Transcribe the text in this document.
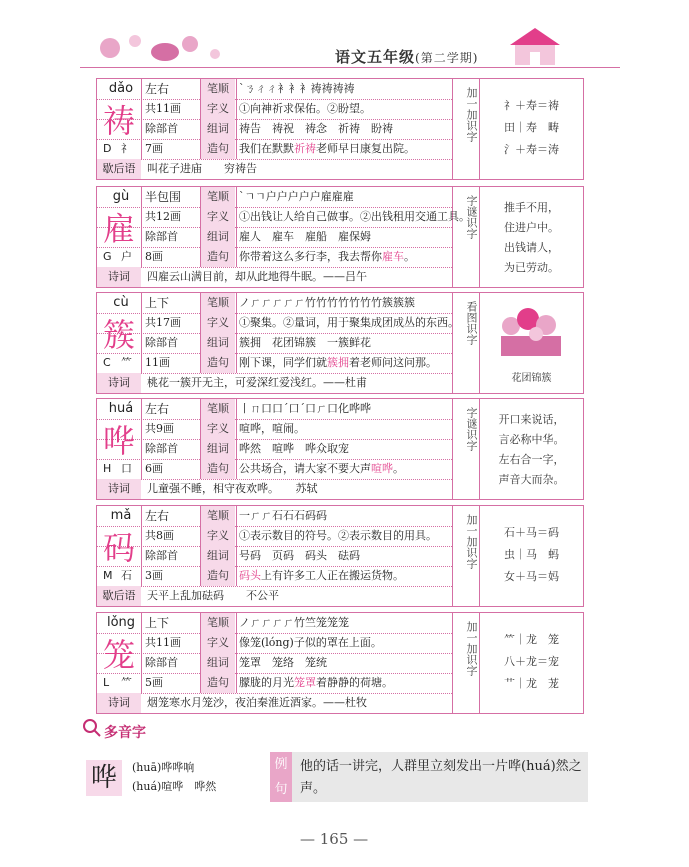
语文五年级(第二学期)
dǎo 左右	笔顺 `ㄋㄔㄔ衤衤衤祷祷祷祷
共11画	字义 ①向神祈求保佑。②盼望。
除部首	组词 祷告　祷祝　祷念　祈祷　盼祷
D 礻 7画	造句 我们在默默祈祷老师早日康复出院。
歇后语	叫花子进庙　　穷祷告
祷	加一加识字	礻＋寿＝祷
田｜寿　畴
氵＋寿＝涛
gù	半包围	笔顺 `ㄱㄱ户户户户户雇雇雇
共12画	字义 ①出钱让人给自己做事。②出钱租用交通工具。
除部首	组词 雇人　雇车　雇船　雇保姆
G 户 8画	造句 你带着这么多行李，我去帮你雇车。
诗词	四雇云山满目前，却从此地得牛眠。——吕午
雇	字谜识字	推手不用，
住进户中。
出钱请人，
为已劳动。
cù	上下	笔顺 ノㄏㄏㄏㄏㄏ竹竹竹竹竹竹竹簇簇簇
共17画	字义 ①聚集。②量词，用于聚集成团成丛的东西。
除部首	组词 簇拥　花团锦簇　一簇鲜花
C ⺮ 11画	造句 刚下课，同学们就簇拥着老师问这问那。
诗词	桃花一簇开无主，可爱深红爱浅红。——杜甫
簇	看图识字
花团锦簇
huá 左右	笔顺 丨ㄇ口口ˊ口ˊ口ㄏ口化哗哗
共9画	字义 喧哗，喧闹。
除部首	组词 哗然　喧哗　哗众取宠
H 口 6画	造句 公共场合，请大家不要大声喧哗。
诗词	儿童强不睡，相守夜欢哗。　　苏轼
哗	字谜识字	开口来说话，
言必称中华。
左右合一字，
声音大而杂。
mǎ	左右	笔顺 一ㄏㄏ石石石码码
共8画	字义 ①表示数目的符号。②表示数目的用具。
除部首	组词 号码　页码　码头　砝码
M 石 3画	造句 码头上有许多工人正在搬运货物。
歇后语	天平上乱加砝码　　不公平
码	加一加识字	石＋马＝码
虫｜马　蚂
女＋马＝妈
lǒng 上下	笔顺 ノㄏㄏㄏㄏ竹竺笼笼笼
共11画	字义 像笼(lóng)子似的罩在上面。
除部首	组词 笼罩　笼络　笼统
L ⺮ 5画	造句 朦胧的月光笼罩着静静的荷塘。
诗词	烟笼寒水月笼沙，夜泊秦淮近酒家。——杜牧
笼	加一加识字	⺮｜龙　笼
八＋龙＝宠
艹｜龙　茏
多音字
哗	(huā)哗哗响
(huá)喧哗　哗然
例句
他的话一讲完，人群里立刻发出一片哗(huá)然之声。
— 165 —
